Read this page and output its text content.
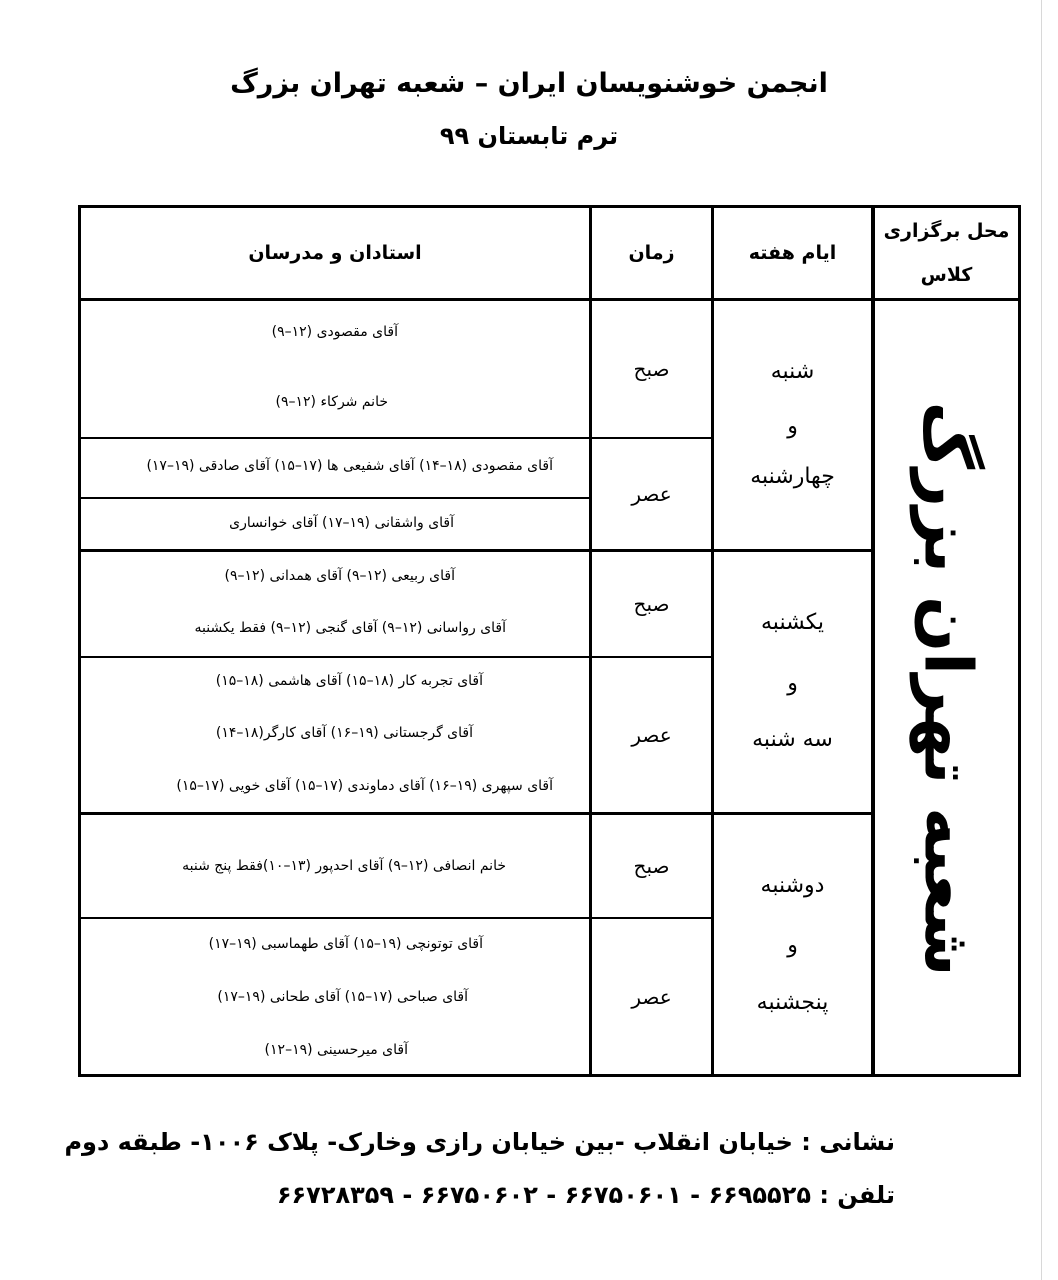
انجمن خوشنویسان ایران – شعبه تهران بزرگ
ترم تابستان ۹۹
محل برگزاری
کلاس
ایام هفته
زمان
استادان و مدرسان
شعبه تهران بزرگ
شنبه
و
چهارشنبه
صبح
عصر
آقای مقصودی (۱۲–۹)
خانم شرکاء (۱۲–۹)
آقای مقصودی (۱۸–۱۴) آقای شفیعی ها (۱۷–۱۵) آقای صادقی (۱۹–۱۷)
آقای واشقانی (۱۹–۱۷) آقای خوانساری
یکشنبه
و
سه شنبه
صبح
عصر
آقای ربیعی (۱۲–۹) آقای همدانی (۱۲–۹)
آقای رواسانی (۱۲–۹) آقای گنجی (۱۲–۹) فقط یکشنبه
آقای تجربه کار (۱۸–۱۵) آقای هاشمی (۱۸–۱۵)
آقای گرجستانی (۱۹–۱۶) آقای کارگر(۱۸–۱۴)
آقای سپهری (۱۹–۱۶) آقای دماوندی (۱۷–۱۵) آقای خویی (۱۷–۱۵)
دوشنبه
و
پنجشنبه
صبح
عصر
خانم انصافی (۱۲–۹) آقای احدپور (۱۳–۱۰)فقط پنج شنبه
آقای توتونچی (۱۹–۱۵) آقای طهماسبی (۱۹–۱۷)
آقای صباحی (۱۷–۱۵) آقای طحانی (۱۹–۱۷)
آقای میرحسینی (۱۹–۱۲)
نشانی : خیابان انقلاب -بین خیابان رازی وخارک- پلاک ۱۰۰۶- طبقه دوم
تلفن : ۶۶۹۵۵۲۵ - ۶۶۷۵۰۶۰۱ - ۶۶۷۵۰۶۰۲ - ۶۶۷۲۸۳۵۹
